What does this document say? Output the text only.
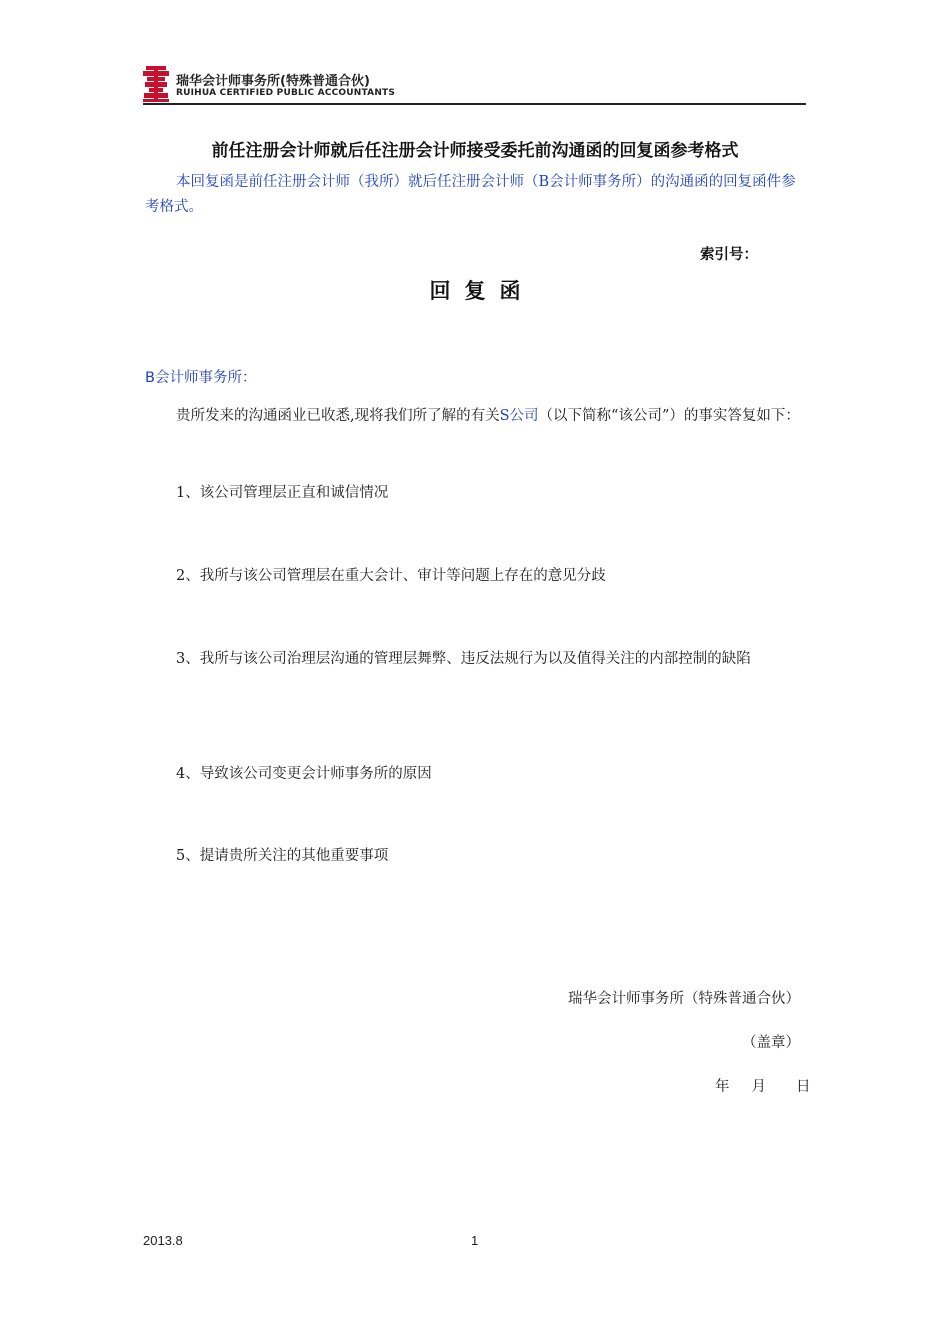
瑞华会计师事务所(特殊普通合伙)
RUIHUA CERTIFIED PUBLIC ACCOUNTANTS
前任注册会计师就后任注册会计师接受委托前沟通函的回复函参考格式
本回复函是前任注册会计师（我所）就后任注册会计师（B会计师事务所）的沟通函的回复函件参考格式。
索引号：
回复函
B会计师事务所：
贵所发来的沟通函业已收悉,现将我们所了解的有关S公司（以下简称“该公司”）的事实答复如下：
1、该公司管理层正直和诚信情况
2、我所与该公司管理层在重大会计、审计等问题上存在的意见分歧
3、我所与该公司治理层沟通的管理层舞弊、违反法规行为以及值得关注的内部控制的缺陷
4、导致该公司变更会计师事务所的原因
5、提请贵所关注的其他重要事项
瑞华会计师事务所（特殊普通合伙）
（盖章）
年 月 日
2013.8	1
